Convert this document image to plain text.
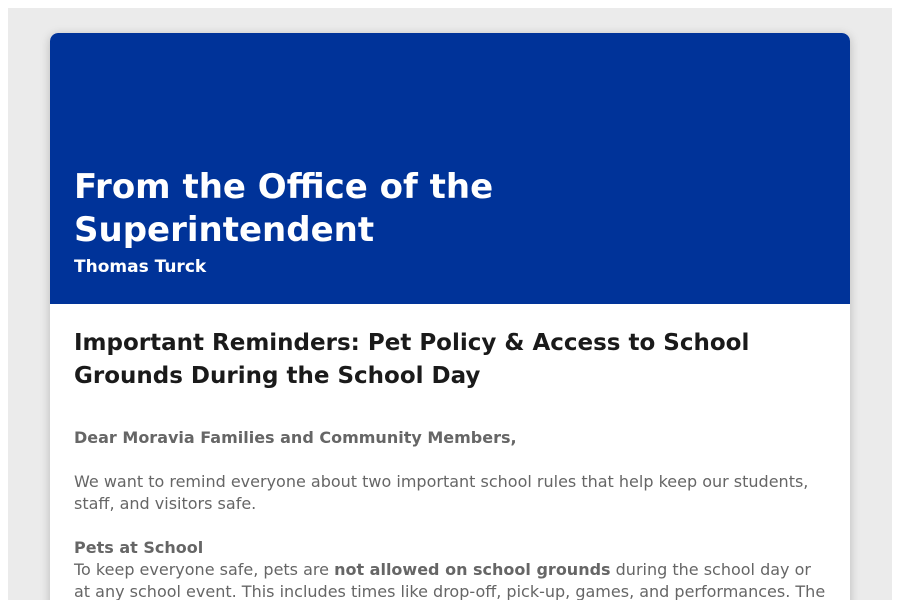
From the Office of the Superintendent

Thomas Turck

Important Reminders: Pet Policy & Access to School Grounds During the School Day

Dear Moravia Families and Community Members,

We want to remind everyone about two important school rules that help keep our students, staff, and visitors safe.

Pets at School

To keep everyone safe, pets are not allowed on school grounds during the school day or at any school event. This includes times like drop-off, pick-up, games, and performances. The
